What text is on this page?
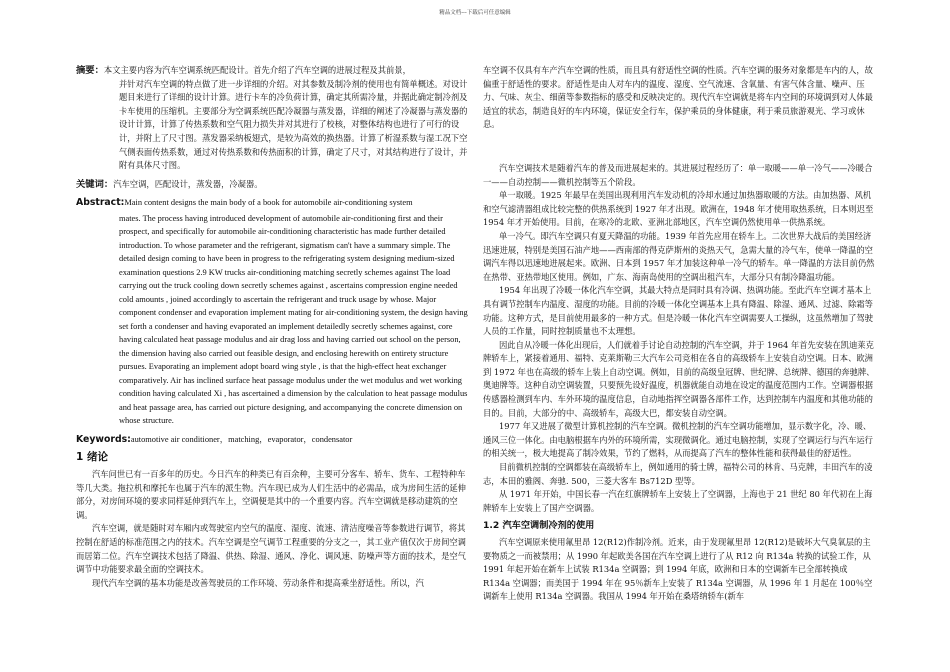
精品文档---下载后可任意编辑
摘要： 本文主要内容为汽车空调系统匹配设计。首先介绍了汽车空调的进展过程及其前景，

并针对汽车空调的特点做了进一步详细的介绍。对其参数及制冷剂的使用也有简单概述。对设计题目来进行了详细的设计计算。进行卡车的冷负荷计算，确定其所需冷量，并据此确定制冷剂及卡车使用的压缩机。主要部分为空调系统匹配冷凝器与蒸发器，详细的阐述了冷凝器与蒸发器的设计计算，计算了传热系数和空气阻力损失并对其进行了校核，对整体结构也进行了可行的设计，并附上了尺寸图。蒸发器采纳板翅式，是较为高效的换热器。计算了析湿系数与湿工况下空气侧表面传热系数，通过对传热系数和传热面积的计算，确定了尺寸，对其结构进行了设计，并附有具体尺寸图。

关键词： 汽车空调，匹配设计，蒸发器，冷凝器。
Abstract: Main content designs the main body of a book for automobile air-conditioning system

mates. The process having introduced development of automobile air-conditioning first and their prospect, and specifically for automobile air-conditioning characteristic has made further detailed introduction. To whose parameter and the refrigerant, sigmatism can't have a summary simple. The detailed design coming to have been in progress to the refrigerating system designing medium-sized examination questions 2.9 KW trucks air-conditioning matching secretly schemes against The load carrying out the truck cooling down secretly schemes against , ascertains compression engine needed cold amounts , joined accordingly to ascertain the refrigerant and truck usage by whose. Major component condenser and evaporation implement mating for air-conditioning system, the design having set forth a condenser and having evaporated an implement detailedly secretly schemes against, core having calculated heat passage modulus and air drag loss and having carried out school on the person, the dimension having also carried out feasible design, and enclosing herewith on entirety structure pursues. Evaporating an implement adopt board wing style , is that the high-effect heat exchanger comparatively. Air has inclined surface heat passage modulus under the wet modulus and wet working condition having calculated Xi , has ascertained a dimension by the calculation to heat passage modulus and heat passage area, has carried out picture designing, and accompanying the concrete dimension on whose structure.

Keywords: automotive air conditioner，matching，evaporator，condensator
1 绪论

汽车问世已有一百多年的历史。今日汽车的种类已有百余种，主要可分客车、轿车、货车、工程特种车等几大类。拖拉机和摩托车也属于汽车的派生物。汽车现已成为人们生活中的必需品，成为房间生活的延伸部分，对房间环境的要求同样延伸到汽车上，空调便是其中的一个重要内容。汽车空调就是移动建筑的空调。

汽车空调，就是随时对车厢内或驾驶室内空气的温度、湿度、流速、清洁度噪音等参数进行调节，将其控制在舒适的标准范围之内的技术。汽车空调是空气调节工程重要的分支之一，其工业产值仅次于房间空调而居第二位。汽车空调技术包括了降温、供热、除湿、通风、净化、调风速、防噪声等方面的技术，是空气调节中功能要求最全面的空调技术。

现代汽车空调的基本功能是改善驾驶员的工作环境、劳动条件和提高乘坐舒适性。所以，汽

车空调不仅具有车产汽车空调的性质，而且具有舒适性空调的性质。汽车空调的服务对象都是车内的人，故偏重于舒适性的要求。舒适性是由人对车内的温度、湿度、空气流速、含氧量、有害气体含量、噪声、压力、气味、灰尘、细菌等参数指标的感受和反映决定的。现代汽车空调就是将车内空间的环境调到对人体最适宜的状态，制造良好的车内环境，保证安全行车，保护乘员的身体健康，利于乘员旅游观光、学习或休息。

汽车空调技术是随着汽车的普及而进展起来的。其进展过程经历了：单一取暖——单一冷气——冷暖合一——自动控制——微机控制等五个阶段。

单一取暖。1925 年最早在美国出现利用汽车发动机的冷却水通过加热器取暖的方法。由加热器、风机和空气滤清器组成比较完整的供热系统到 1927 年才出现。欧洲在，1948 年才使用取热系统，日本则迟至 1954 年才开始使用。目前，在寒冷的北欧、亚洲北部地区，汽车空调仍然使用单一供热系统。

单一冷气。即汽车空调只有夏天降温的功能。1939 年首先应用在轿车上。二次世界大战后的美国经济迅速进展，特别是美国石油产地——西南部的得克萨斯州的炎热天气，急需大量的冷气车，使单一降温的空调汽车得以迅速地进展起来。欧洲、日本到 1957 年才加装这种单一冷气的轿车。单一降温的方法目前仍然在热带、亚热带地区使用。例如，广东、海南岛使用的空调出租汽车，大部分只有制冷降温功能。

1954 年出现了冷暖一体化汽车空调，其最大特点是同时具有冷调、热调功能。至此汽车空调才基本上具有调节控制车内温度、湿度的功能。目前的冷暖一体化空调基本上具有降温、除湿、通风、过滤、除霜等功能。这种方式，是目前使用最多的一种方式。但是冷暖一体化汽车空调需要人工操纵，这虽然增加了驾驶人员的工作量，同时控制质量也不太理想。

因此自从冷暖一体化出现后，人们就着手讨论自动控制的汽车空调，并于 1964 年首先安装在凯迪莱克牌轿车上，紧接着通用、福特、克莱斯勒三大汽车公司竞相在各自的高级轿车上安装自动空调。日本、欧洲到 1972 年也在高级的轿车上装上自动空调。例如，目前的高级皇冠牌、世纪牌、总统牌、德国的奔驰牌、奥迪牌等。这种自动空调装置，只要预先设好温度，机器就能自动地在设定的温度范围内工作。空调器根据传感器检测到车内、车外环境的温度信息，自动地指挥空调器各部件工作，达到控制车内温度和其他功能的目的。目前，大部分的中、高级轿车，高级大巴，都安装自动空调。

1977 年又进展了微型计算机控制的汽车空调。微机控制的汽车空调功能增加，显示数字化，冷、暖、通风三位一体化。由电脑根据车内外的环境所需，实现微调化。通过电脑控制，实现了空调运行与汽车运行的相关统一，极大地提高了制冷效果，节约了燃料，从而提高了汽车的整体性能和获得最佳的舒适性。

目前微机控制的空调都装在高级轿车上，例如通用的骑士牌，福特公司的林肯、马克牌，丰田汽车的凌志，本田的雅阁、奔驰. 500，三菱大客车 Bs712D 型等。

从 1971 年开始，中国长春一汽在红旗牌轿车上安装上了空调器，上海也于 21 世纪 80 年代初在上海牌轿车上安装上了国产空调器。

1.2 汽车空调制冷剂的使用

汽车空调原来使用氟里昂 12(R12)作制冷剂。近来，由于发现氟里昂 12(R12)是破坏大气臭氧层的主要物质之一而被禁用；从 1990 年起欧美各国在汽车空调上进行了从 R12 向 R134a 转换的试验工作，从 1991 年起开始在新车上试装 R134a 空调器；到 1994 年底，欧洲和日本的空调新车已全部转换成 R134a 空调器；而美国于 1994 年在 95％新车上安装了 R134a 空调器，从 1996 年 1 月起在 100％空调新车上使用 R134a 空调器。我国从 1994 年开始在桑塔纳轿车(新车
